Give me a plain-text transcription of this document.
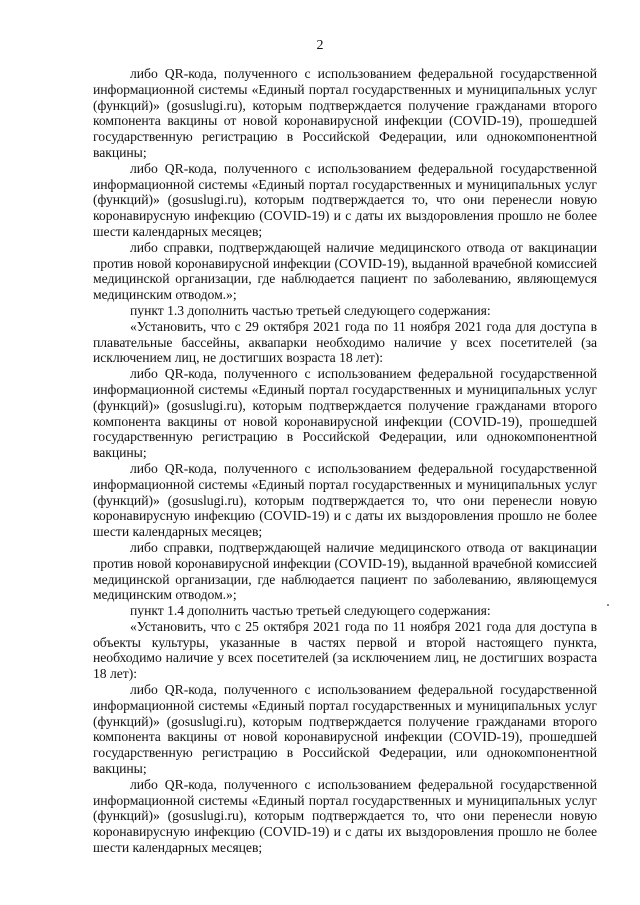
2

либо QR-кода, полученного с использованием федеральной государственной информационной системы «Единый портал государственных и муниципальных услуг (функций)» (gosuslugi.ru), которым подтверждается получение гражданами второго компонента вакцины от новой коронавирусной инфекции (COVID-19), прошедшей государственную регистрацию в Российской Федерации, или однокомпонентной вакцины;

либо QR-кода, полученного с использованием федеральной государственной информационной системы «Единый портал государственных и муниципальных услуг (функций)» (gosuslugi.ru), которым подтверждается то, что они перенесли новую коронавирусную инфекцию (COVID-19) и с даты их выздоровления прошло не более шести календарных месяцев;

либо справки, подтверждающей наличие медицинского отвода от вакцинации против новой коронавирусной инфекции (COVID-19), выданной врачебной комиссией медицинской организации, где наблюдается пациент по заболеванию, являющемуся медицинским отводом.»;

пункт 1.3 дополнить частью третьей следующего содержания:

«Установить, что с 29 октября 2021 года по 11 ноября 2021 года для доступа в плавательные бассейны, аквапарки необходимо наличие у всех посетителей (за исключением лиц, не достигших возраста 18 лет):

либо QR-кода, полученного с использованием федеральной государственной информационной системы «Единый портал государственных и муниципальных услуг (функций)» (gosuslugi.ru), которым подтверждается получение гражданами второго компонента вакцины от новой коронавирусной инфекции (COVID-19), прошедшей государственную регистрацию в Российской Федерации, или однокомпонентной вакцины;

либо QR-кода, полученного с использованием федеральной государственной информационной системы «Единый портал государственных и муниципальных услуг (функций)» (gosuslugi.ru), которым подтверждается то, что они перенесли новую коронавирусную инфекцию (COVID-19) и с даты их выздоровления прошло не более шести календарных месяцев;

либо справки, подтверждающей наличие медицинского отвода от вакцинации против новой коронавирусной инфекции (COVID-19), выданной врачебной комиссией медицинской организации, где наблюдается пациент по заболеванию, являющемуся медицинским отводом.»;

пункт 1.4 дополнить частью третьей следующего содержания:

«Установить, что с 25 октября 2021 года по 11 ноября 2021 года для доступа в объекты культуры, указанные в частях первой и второй настоящего пункта, необходимо наличие у всех посетителей (за исключением лиц, не достигших возраста 18 лет):

либо QR-кода, полученного с использованием федеральной государственной информационной системы «Единый портал государственных и муниципальных услуг (функций)» (gosuslugi.ru), которым подтверждается получение гражданами второго компонента вакцины от новой коронавирусной инфекции (COVID-19), прошедшей государственную регистрацию в Российской Федерации, или однокомпонентной вакцины;

либо QR-кода, полученного с использованием федеральной государственной информационной системы «Единый портал государственных и муниципальных услуг (функций)» (gosuslugi.ru), которым подтверждается то, что они перенесли новую коронавирусную инфекцию (COVID-19) и с даты их выздоровления прошло не более шести календарных месяцев;
